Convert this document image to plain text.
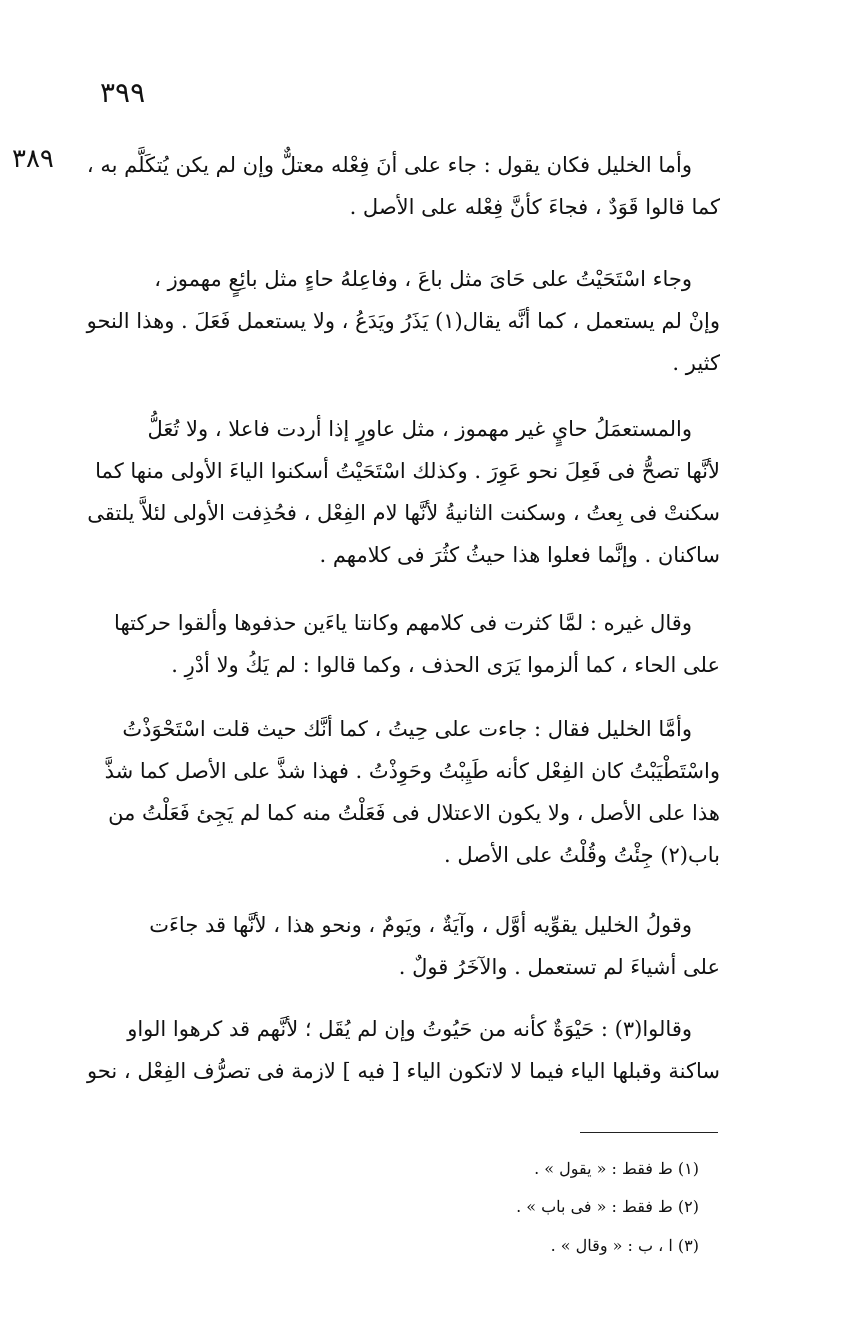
٣٩٩
٣٨٩	وأما الخليل فكان يقول : جاء على أنَ فِعْله معتلٌّ وإن لم يكن يُتكَلَّم به ،

كما قالوا قَوَدٌ ، فجاءَ كأنَّ فِعْله على الأصل .

وجاء اسْتَحَيْتُ على حَاىَ مثل باعَ ، وفاعِلهُ حاءٍ مثل بائِعٍ مهموز ،

وإنْ لم يستعمل ، كما أنَّه يقال(١) يَذَرُ ويَدَعُ ، ولا يستعمل فَعَلَ . وهذا النحو

كثير .

والمستعمَلُ حايٍ غير مهموز ، مثل عاورٍ إذا أردت فاعلا ، ولا تُعَلُّ

لأنَّها تصحُّ فى فَعِلَ نحو عَوِرَ . وكذلك اسْتَحَيْتُ أسكنوا الياءَ الأولى منها كما

سكنتْ فى بِعتُ ، وسكنت الثانيةُ لأنَّها لام الفِعْل ، فحُذِفت الأولى لئلاَّ يلتقى

ساكنان . وإنَّما فعلوا هذا حيثُ كثُرَ فى كلامهم .

وقال غيره : لمَّا كثرت فى كلامهم وكانتا ياءَين حذفوها وألقوا حركتها

على الحاء ، كما ألزموا يَرَى الحذف ، وكما قالوا : لم يَكُ ولا أدْرِ .

وأمَّا الخليل فقال : جاءت على حِيتُ ، كما أنَّك حيث قلت اسْتَحْوَذْتُ

واسْتَطْيَبْتُ كان الفِعْل كأنه طَيِبْتُ وحَوِذْتُ . فهذا شذَّ على الأصل كما شذَّ

هذا على الأصل ، ولا يكون الاعتلال فى فَعَلْتُ منه كما لم يَجِئ فَعَلْتُ من

باب(٢) جِئْتُ وقُلْتُ على الأصل .

وقولُ الخليل يقوِّيه أوَّل ، وآيَةٌ ، ويَومٌ ، ونحو هذا ، لأنَّها قد جاءَت

على أشياءَ لم تستعمل . والآخَرُ قولٌ .

وقالوا(٣) : حَيْوَةٌ كأنه من حَيُوتُ وإن لم يُقَل ؛ لأنَّهم قد كرهوا الواو

ساكنة وقبلها الياء فيما لا لاتكون الياء [ فيه ] لازمة فى تصرُّف الفِعْل ، نحو

(١) ط فقط : « يقول » .
(٢) ط فقط : « فى باب » .
(٣) ا ، ب : « وقال » .
